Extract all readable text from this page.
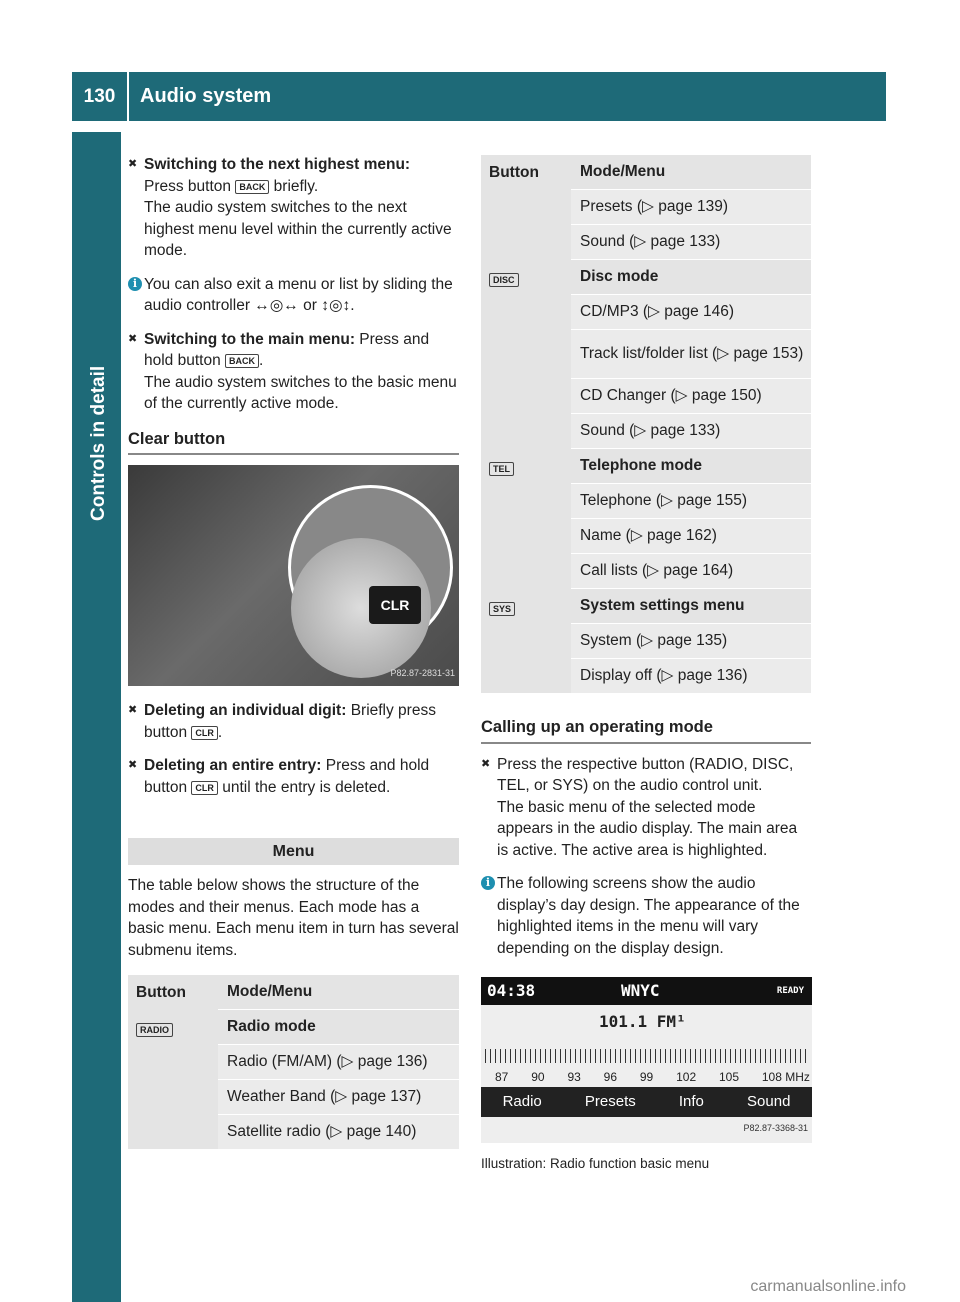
130	Audio system
Controls in detail
✖ Switching to the next highest menu:
Press button BACK briefly.
The audio system switches to the next highest menu level within the currently active mode.
i You can also exit a menu or list by sliding the audio controller ↔◎↔ or ↕◎↕.
✖ Switching to the main menu: Press and hold button BACK .
The audio system switches to the basic menu of the currently active mode.
Clear button
CLR
P82.87-2831-31
✖ Deleting an individual digit: Briefly press button CLR .
✖ Deleting an entire entry: Press and hold button CLR until the entry is deleted.
Menu
The table below shows the structure of the modes and their menus. Each mode has a basic menu. Each menu item in turn has several submenu items.
Button	Mode/Menu
RADIO	Radio mode
	Radio (FM/AM) (▷ page 136)
	Weather Band (▷ page 137)
	Satellite radio (▷ page 140)
Button	Mode/Menu
	Presets (▷ page 139)
	Sound (▷ page 133)
DISC	Disc mode
	CD/MP3 (▷ page 146)
	Track list/folder list (▷ page 153)
	CD Changer (▷ page 150)
	Sound (▷ page 133)
TEL	Telephone mode
	Telephone (▷ page 155)
	Name (▷ page 162)
	Call lists (▷ page 164)
SYS	System settings menu
	System (▷ page 135)
	Display off (▷ page 136)
Calling up an operating mode
✖ Press the respective button (RADIO, DISC, TEL, or SYS) on the audio control unit.
The basic menu of the selected mode appears in the audio display. The main area is active. The active area is highlighted.
i The following screens show the audio display’s day design. The appearance of the highlighted items in the menu will vary depending on the display design.
04:38	WNYC	READY
101.1 FM¹
87 90 93 96 99 102 105 108 MHz
Radio	Presets	Info	Sound
P82.87-3368-31
Illustration: Radio function basic menu
carmanualsonline.info
